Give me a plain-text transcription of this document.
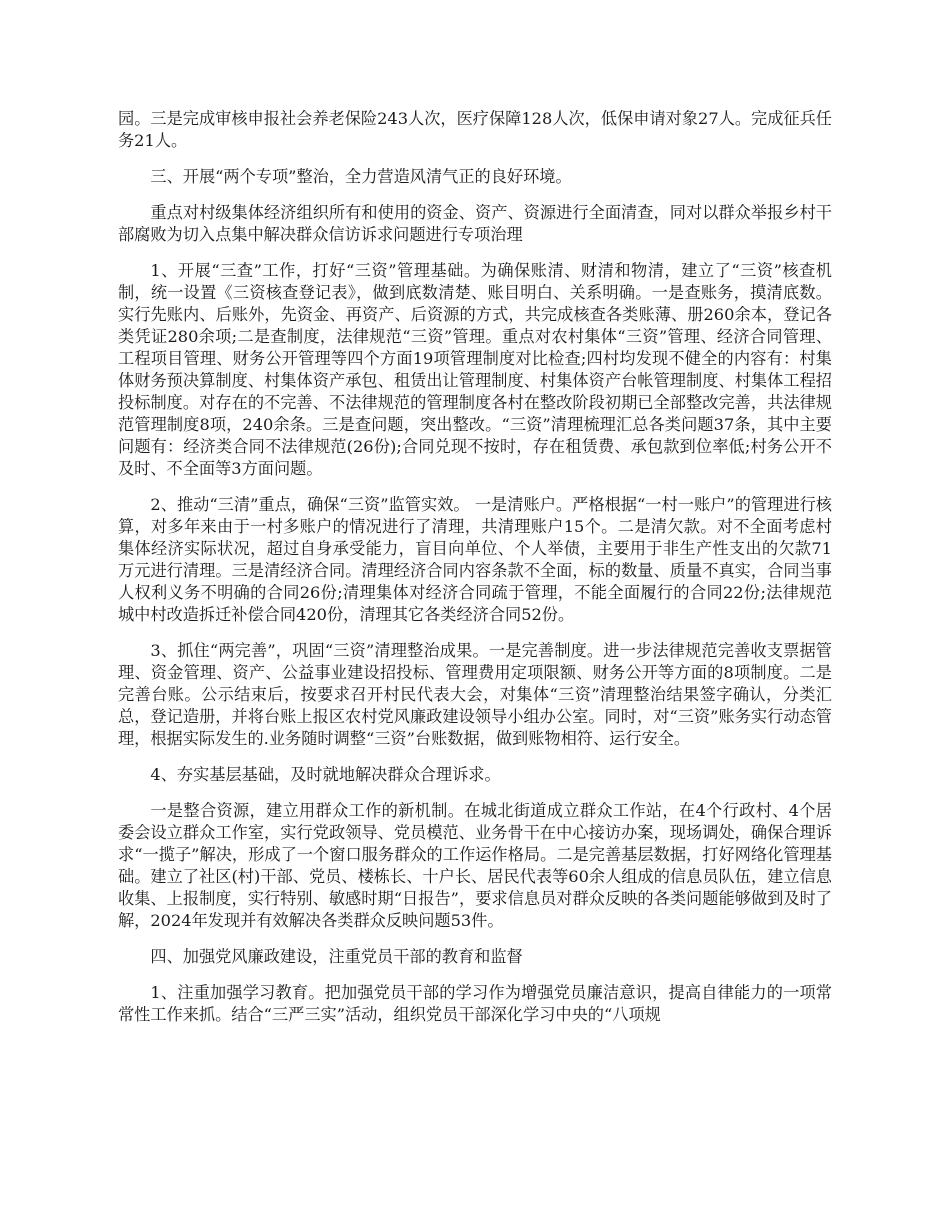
园。三是完成审核申报社会养老保险243人次，医疗保障128人次，低保申请对象27人。完成征兵任务21人。

三、开展“两个专项”整治，全力营造风清气正的良好环境。

重点对村级集体经济组织所有和使用的资金、资产、资源进行全面清查，同对以群众举报乡村干部腐败为切入点集中解决群众信访诉求问题进行专项治理

1、开展“三查”工作，打好“三资”管理基础。为确保账清、财清和物清，建立了“三资”核查机制，统一设置《三资核查登记表》，做到底数清楚、账目明白、关系明确。一是查账务，摸清底数。实行先账内、后账外，先资金、再资产、后资源的方式，共完成核查各类账薄、册260余本，登记各类凭证280余项;二是查制度，法律规范“三资”管理。重点对农村集体“三资”管理、经济合同管理、工程项目管理、财务公开管理等四个方面19项管理制度对比检查;四村均发现不健全的内容有：村集体财务预决算制度、村集体资产承包、租赁出让管理制度、村集体资产台帐管理制度、村集体工程招投标制度。对存在的不完善、不法律规范的管理制度各村在整改阶段初期已全部整改完善，共法律规范管理制度8项，240余条。三是查问题，突出整改。“三资”清理梳理汇总各类问题37条，其中主要问题有：经济类合同不法律规范(26份);合同兑现不按时，存在租赁费、承包款到位率低;村务公开不及时、不全面等3方面问题。

2、推动“三清”重点，确保“三资”监管实效。 一是清账户。严格根据“一村一账户”的管理进行核算，对多年来由于一村多账户的情况进行了清理，共清理账户15个。二是清欠款。对不全面考虑村集体经济实际状况，超过自身承受能力，盲目向单位、个人举债，主要用于非生产性支出的欠款71万元进行清理。三是清经济合同。清理经济合同内容条款不全面，标的数量、质量不真实，合同当事人权利义务不明确的合同26份;清理集体对经济合同疏于管理，不能全面履行的合同22份;法律规范城中村改造拆迁补偿合同420份，清理其它各类经济合同52份。

3、抓住“两完善”，巩固“三资”清理整治成果。一是完善制度。进一步法律规范完善收支票据管理、资金管理、资产、公益事业建设招投标、管理费用定项限额、财务公开等方面的8项制度。二是完善台账。公示结束后，按要求召开村民代表大会，对集体“三资”清理整治结果签字确认，分类汇总，登记造册，并将台账上报区农村党风廉政建设领导小组办公室。同时，对“三资”账务实行动态管理，根据实际发生的.业务随时调整“三资”台账数据，做到账物相符、运行安全。

4、夯实基层基础，及时就地解决群众合理诉求。

一是整合资源，建立用群众工作的新机制。在城北街道成立群众工作站，在4个行政村、4个居委会设立群众工作室，实行党政领导、党员模范、业务骨干在中心接访办案，现场调处，确保合理诉求“一揽子”解决，形成了一个窗口服务群众的工作运作格局。二是完善基层数据，打好网络化管理基础。建立了社区(村)干部、党员、楼栋长、十户长、居民代表等60余人组成的信息员队伍，建立信息收集、上报制度，实行特别、敏感时期“日报告”，要求信息员对群众反映的各类问题能够做到及时了解，2024年发现并有效解决各类群众反映问题53件。

四、加强党风廉政建设，注重党员干部的教育和监督

1、注重加强学习教育。把加强党员干部的学习作为增强党员廉洁意识，提高自律能力的一项常常性工作来抓。结合“三严三实”活动，组织党员干部深化学习中央的“八项规
